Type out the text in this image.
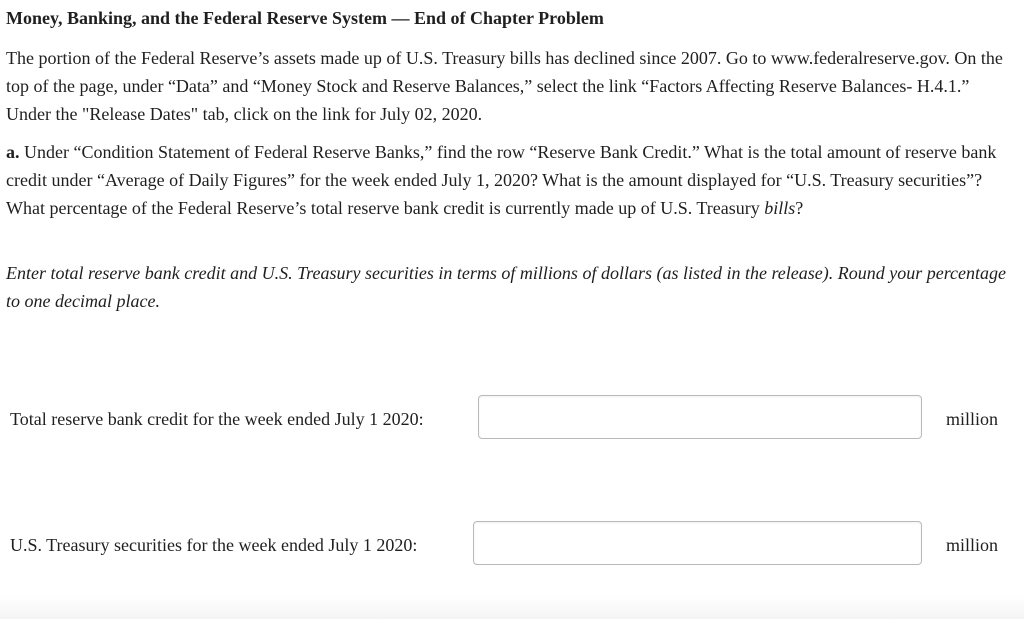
Money, Banking, and the Federal Reserve System — End of Chapter Problem

The portion of the Federal Reserve’s assets made up of U.S. Treasury bills has declined since 2007. Go to www.federalreserve.gov. On the top of the page, under “Data” and “Money Stock and Reserve Balances,” select the link “Factors Affecting Reserve Balances- H.4.1.” Under the "Release Dates" tab, click on the link for July 02, 2020.

a. Under “Condition Statement of Federal Reserve Banks,” find the row “Reserve Bank Credit.” What is the total amount of reserve bank credit under “Average of Daily Figures” for the week ended July 1, 2020? What is the amount displayed for “U.S. Treasury securities”? What percentage of the Federal Reserve’s total reserve bank credit is currently made up of U.S. Treasury bills?

Enter total reserve bank credit and U.S. Treasury securities in terms of millions of dollars (as listed in the release). Round your percentage to one decimal place.

Total reserve bank credit for the week ended July 1 2020:	million
U.S. Treasury securities for the week ended July 1 2020:	million
